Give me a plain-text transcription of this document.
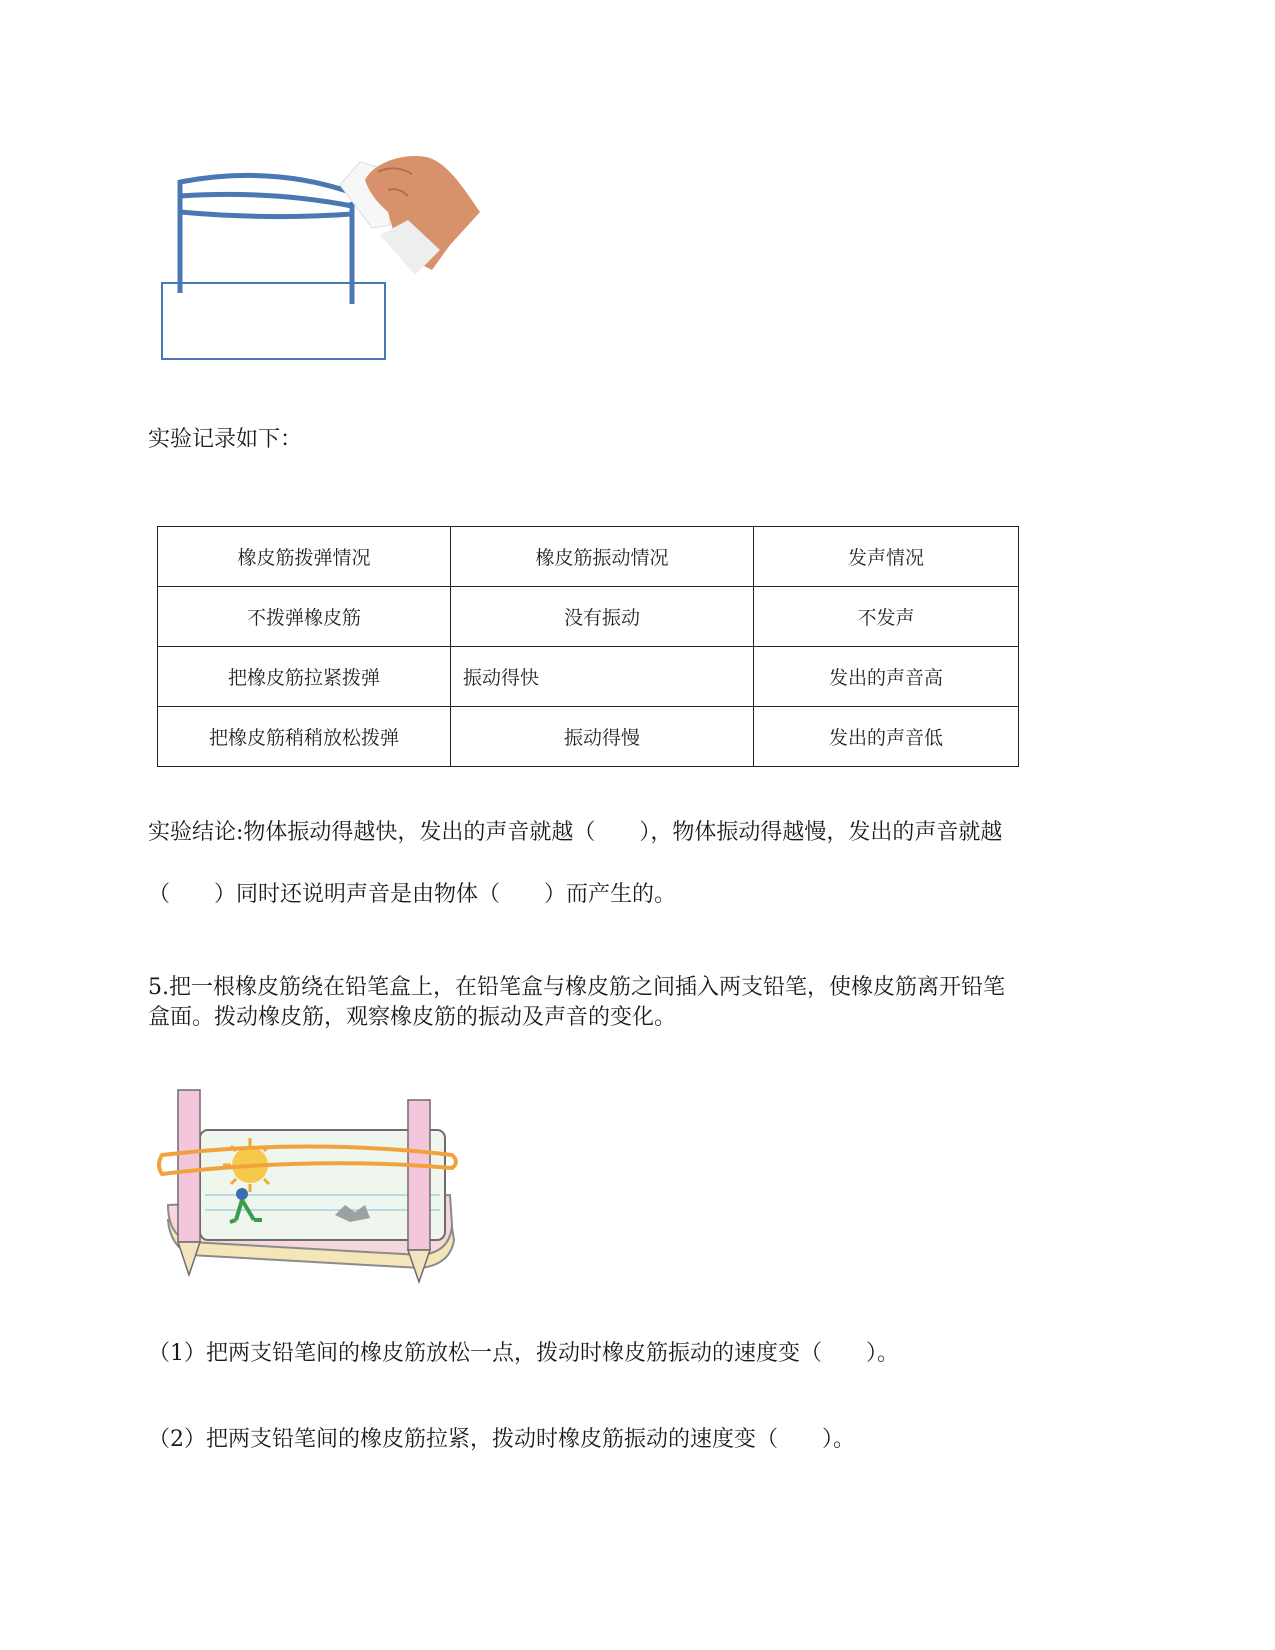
实验记录如下：
橡皮筋拨弹情况	橡皮筋振动情况	发声情况
不拨弹橡皮筋	没有振动	不发声
把橡皮筋拉紧拨弹	振动得快	发出的声音高
把橡皮筋稍稍放松拨弹	振动得慢	发出的声音低
实验结论:物体振动得越快，发出的声音就越（　　），物体振动得越慢，发出的声音就越
（　　）同时还说明声音是由物体（　　）而产生的。
5.把一根橡皮筋绕在铅笔盒上，在铅笔盒与橡皮筋之间插入两支铅笔，使橡皮筋离开铅笔
盒面。拨动橡皮筋，观察橡皮筋的振动及声音的变化。
（1）把两支铅笔间的橡皮筋放松一点，拨动时橡皮筋振动的速度变（　　）。
（2）把两支铅笔间的橡皮筋拉紧，拨动时橡皮筋振动的速度变（　　）。
